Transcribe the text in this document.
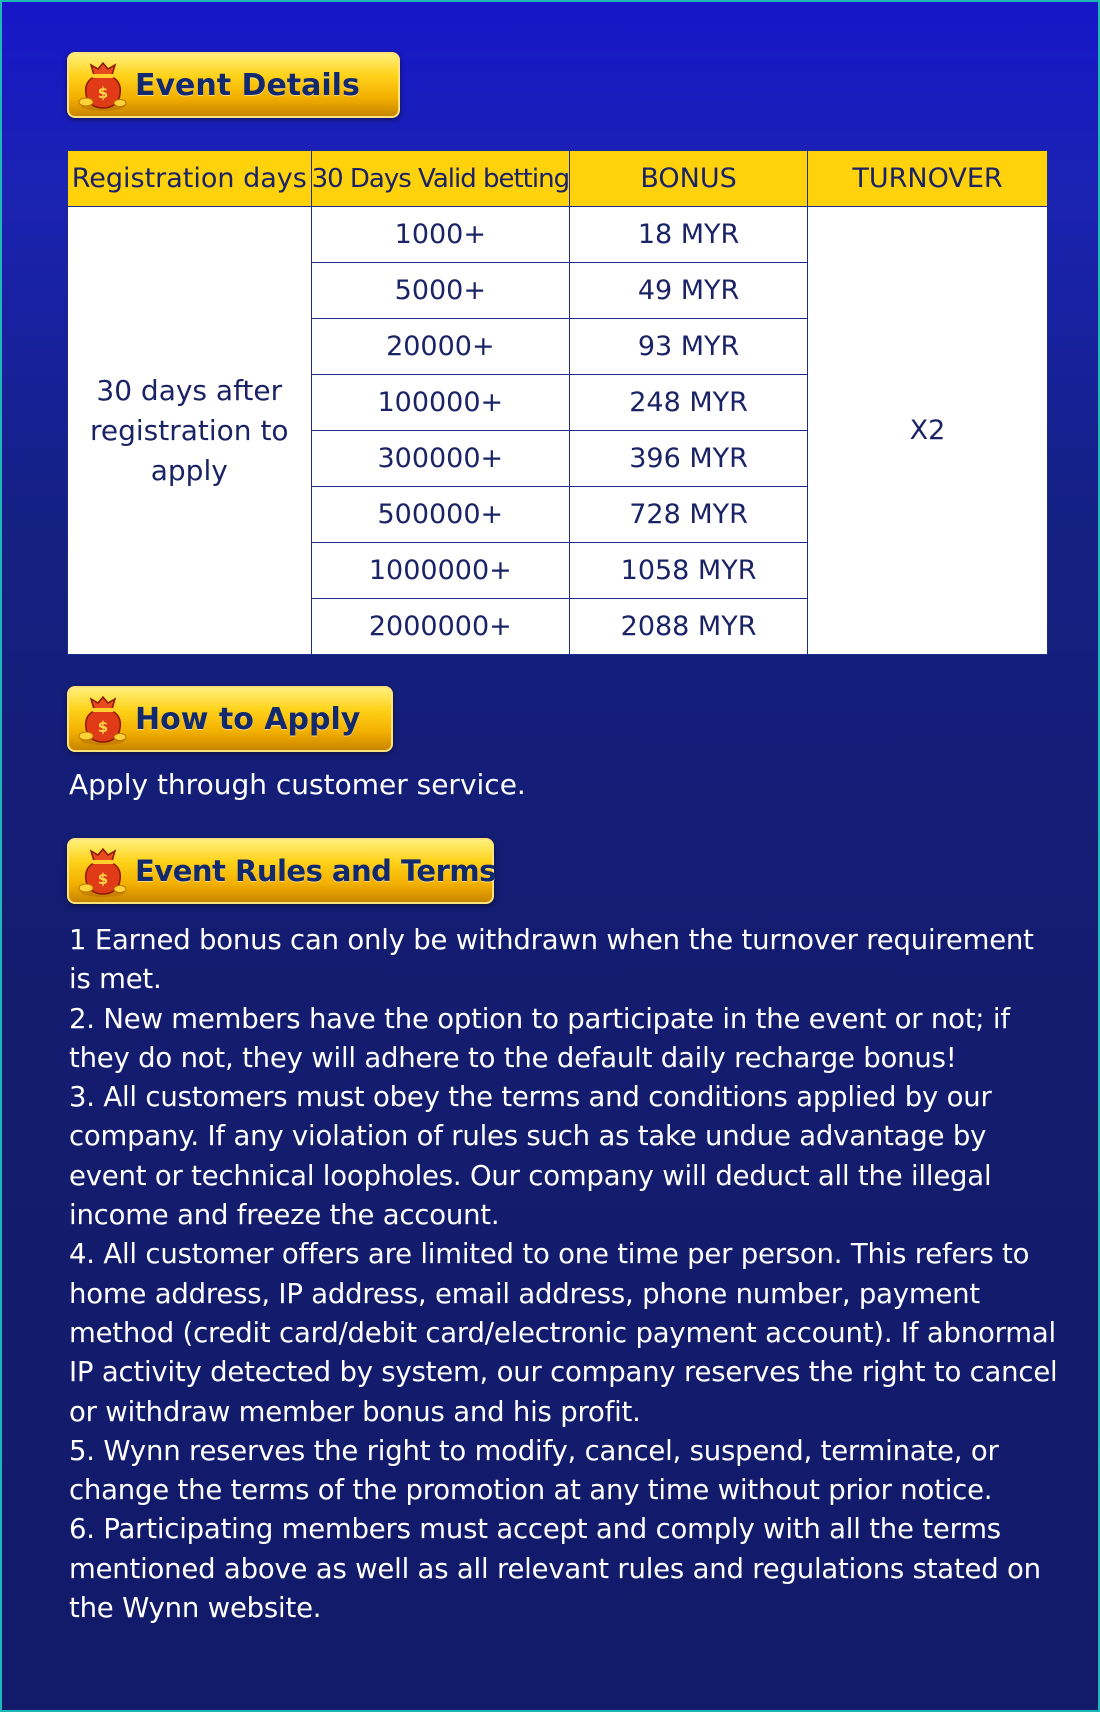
$ Event Details
Registration days	30 Days Valid betting	BONUS	TURNOVER
30 days after registration to apply	1000+	18 MYR	X2
	5000+	49 MYR	
	20000+	93 MYR	
	100000+	248 MYR	
	300000+	396 MYR	
	500000+	728 MYR	
	1000000+	1058 MYR	
	2000000+	2088 MYR	
$ How to Apply
Apply through customer service.
$ Event Rules and Terms

1 Earned bonus can only be withdrawn when the turnover requirement is met.

2. New members have the option to participate in the event or not; if they do not, they will adhere to the default daily recharge bonus!

3. All customers must obey the terms and conditions applied by our company. If any violation of rules such as take undue advantage by event or technical loopholes. Our company will deduct all the illegal income and freeze the account.

4. All customer offers are limited to one time per person. This refers to home address, IP address, email address, phone number, payment method (credit card/debit card/electronic payment account). If abnormal IP activity detected by system, our company reserves the right to cancel or withdraw member bonus and his profit.

5. Wynn reserves the right to modify, cancel, suspend, terminate, or change the terms of the promotion at any time without prior notice.

6. Participating members must accept and comply with all the terms mentioned above as well as all relevant rules and regulations stated on the Wynn website.
